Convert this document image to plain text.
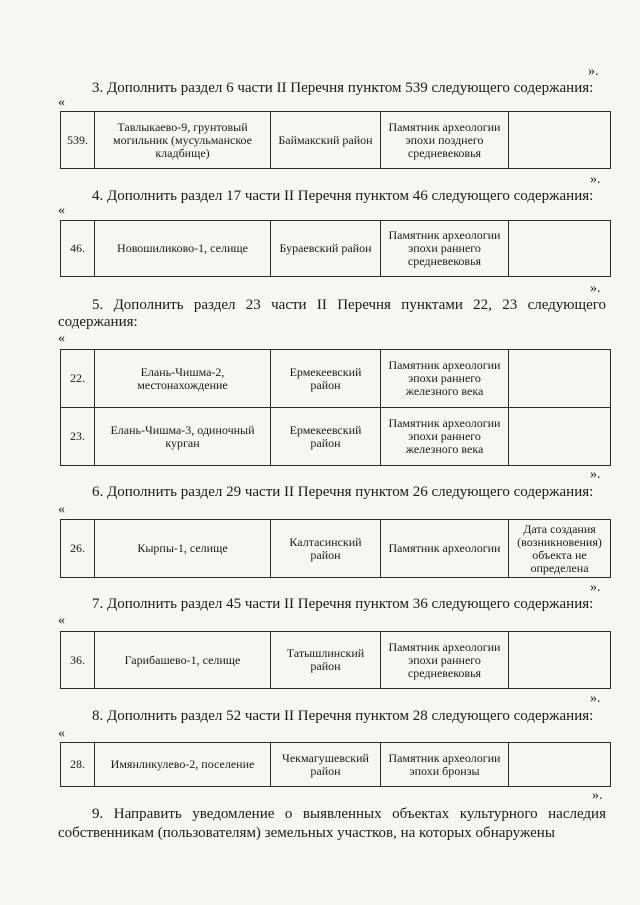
».
3. Дополнить раздел 6 части II Перечня пунктом 539 следующего содержания:
«
539.	Тавлыкаево-9, грунтовый могильник (мусульманское кладбище)	Баймакский район	Памятник археологии эпохи позднего средневековья	
».
4. Дополнить раздел 17 части II Перечня пунктом 46 следующего содержания:
«
46.	Новошиликово-1, селище	Бураевский район	Памятник археологии эпохи раннего средневековья	
».
5. Дополнить раздел 23 части II Перечня пунктами 22, 23 следующего содержания:
«
22.	Елань-Чишма-2, местонахождение	Ермекеевский район	Памятник археологии эпохи раннего железного века	
23.	Елань-Чишма-3, одиночный курган	Ермекеевский район	Памятник археологии эпохи раннего железного века	
».
6. Дополнить раздел 29 части II Перечня пунктом 26 следующего содержания:
«
26.	Кырпы-1, селище	Калтасинский район	Памятник археологии	Дата создания (возникновения) объекта не определена
».
7. Дополнить раздел 45 части II Перечня пунктом 36 следующего содержания:
«
36.	Гарибашево-1, селище	Татышлинский район	Памятник археологии эпохи раннего средневековья	
».
8. Дополнить раздел 52 части II Перечня пунктом 28 следующего содержания:
«
28.	Имянликулево-2, поселение	Чекмагушевский район	Памятник археологии эпохи бронзы	
».
9. Направить уведомление о выявленных объектах культурного наследия собственникам (пользователям) земельных участков, на которых обнаружены
